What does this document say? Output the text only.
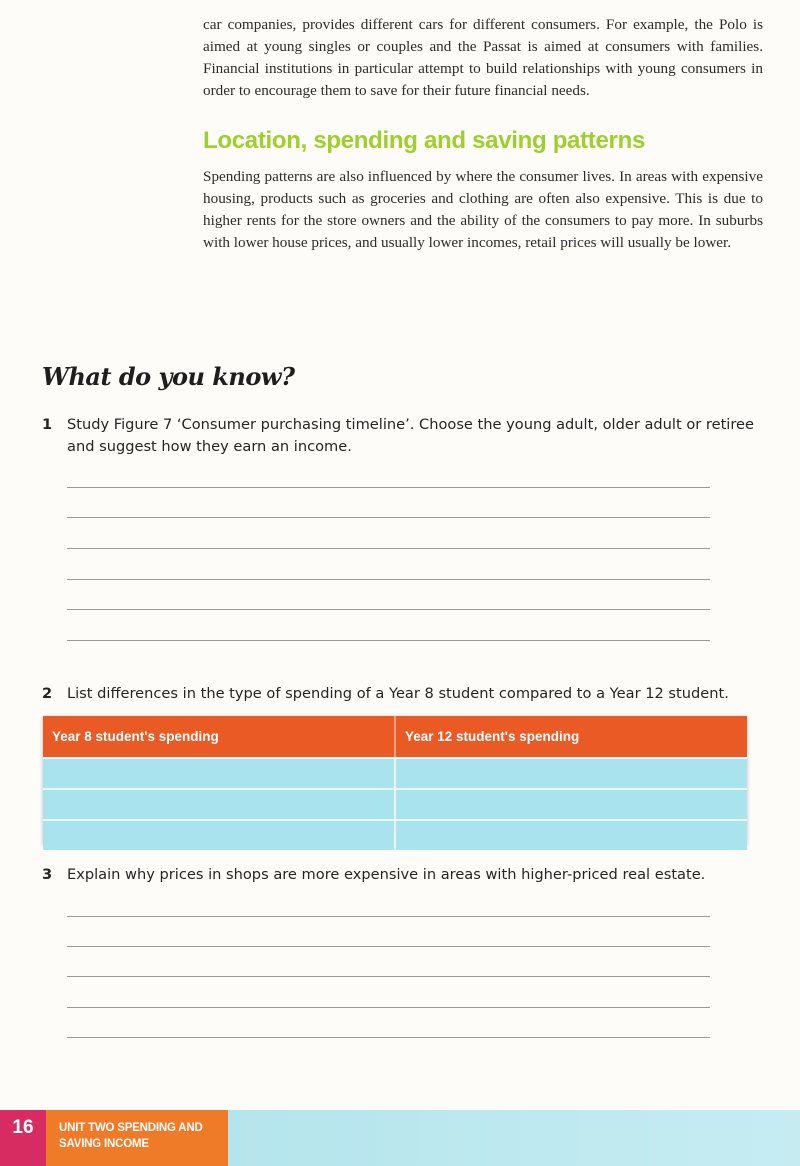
car companies, provides different cars for different consumers. For example, the Polo is aimed at young singles or couples and the Passat is aimed at consumers with families. Financial institutions in particular attempt to build relationships with young consumers in order to encourage them to save for their future financial needs.

Location, spending and saving patterns

Spending patterns are also influenced by where the consumer lives. In areas with expensive housing, products such as groceries and clothing are often also expensive. This is due to higher rents for the store owners and the ability of the consumers to pay more. In suburbs with lower house prices, and usually lower incomes, retail prices will usually be lower.

What do you know?
1 Study Figure 7 ‘Consumer purchasing timeline’. Choose the young adult, older adult or retiree and suggest how they earn an income.
2 List differences in the type of spending of a Year 8 student compared to a Year 12 student.
Year 8 student's spending	Year 12 student's spending
3 Explain why prices in shops are more expensive in areas with higher-priced real estate.
16	UNIT TWO SPENDING AND
SAVING INCOME
